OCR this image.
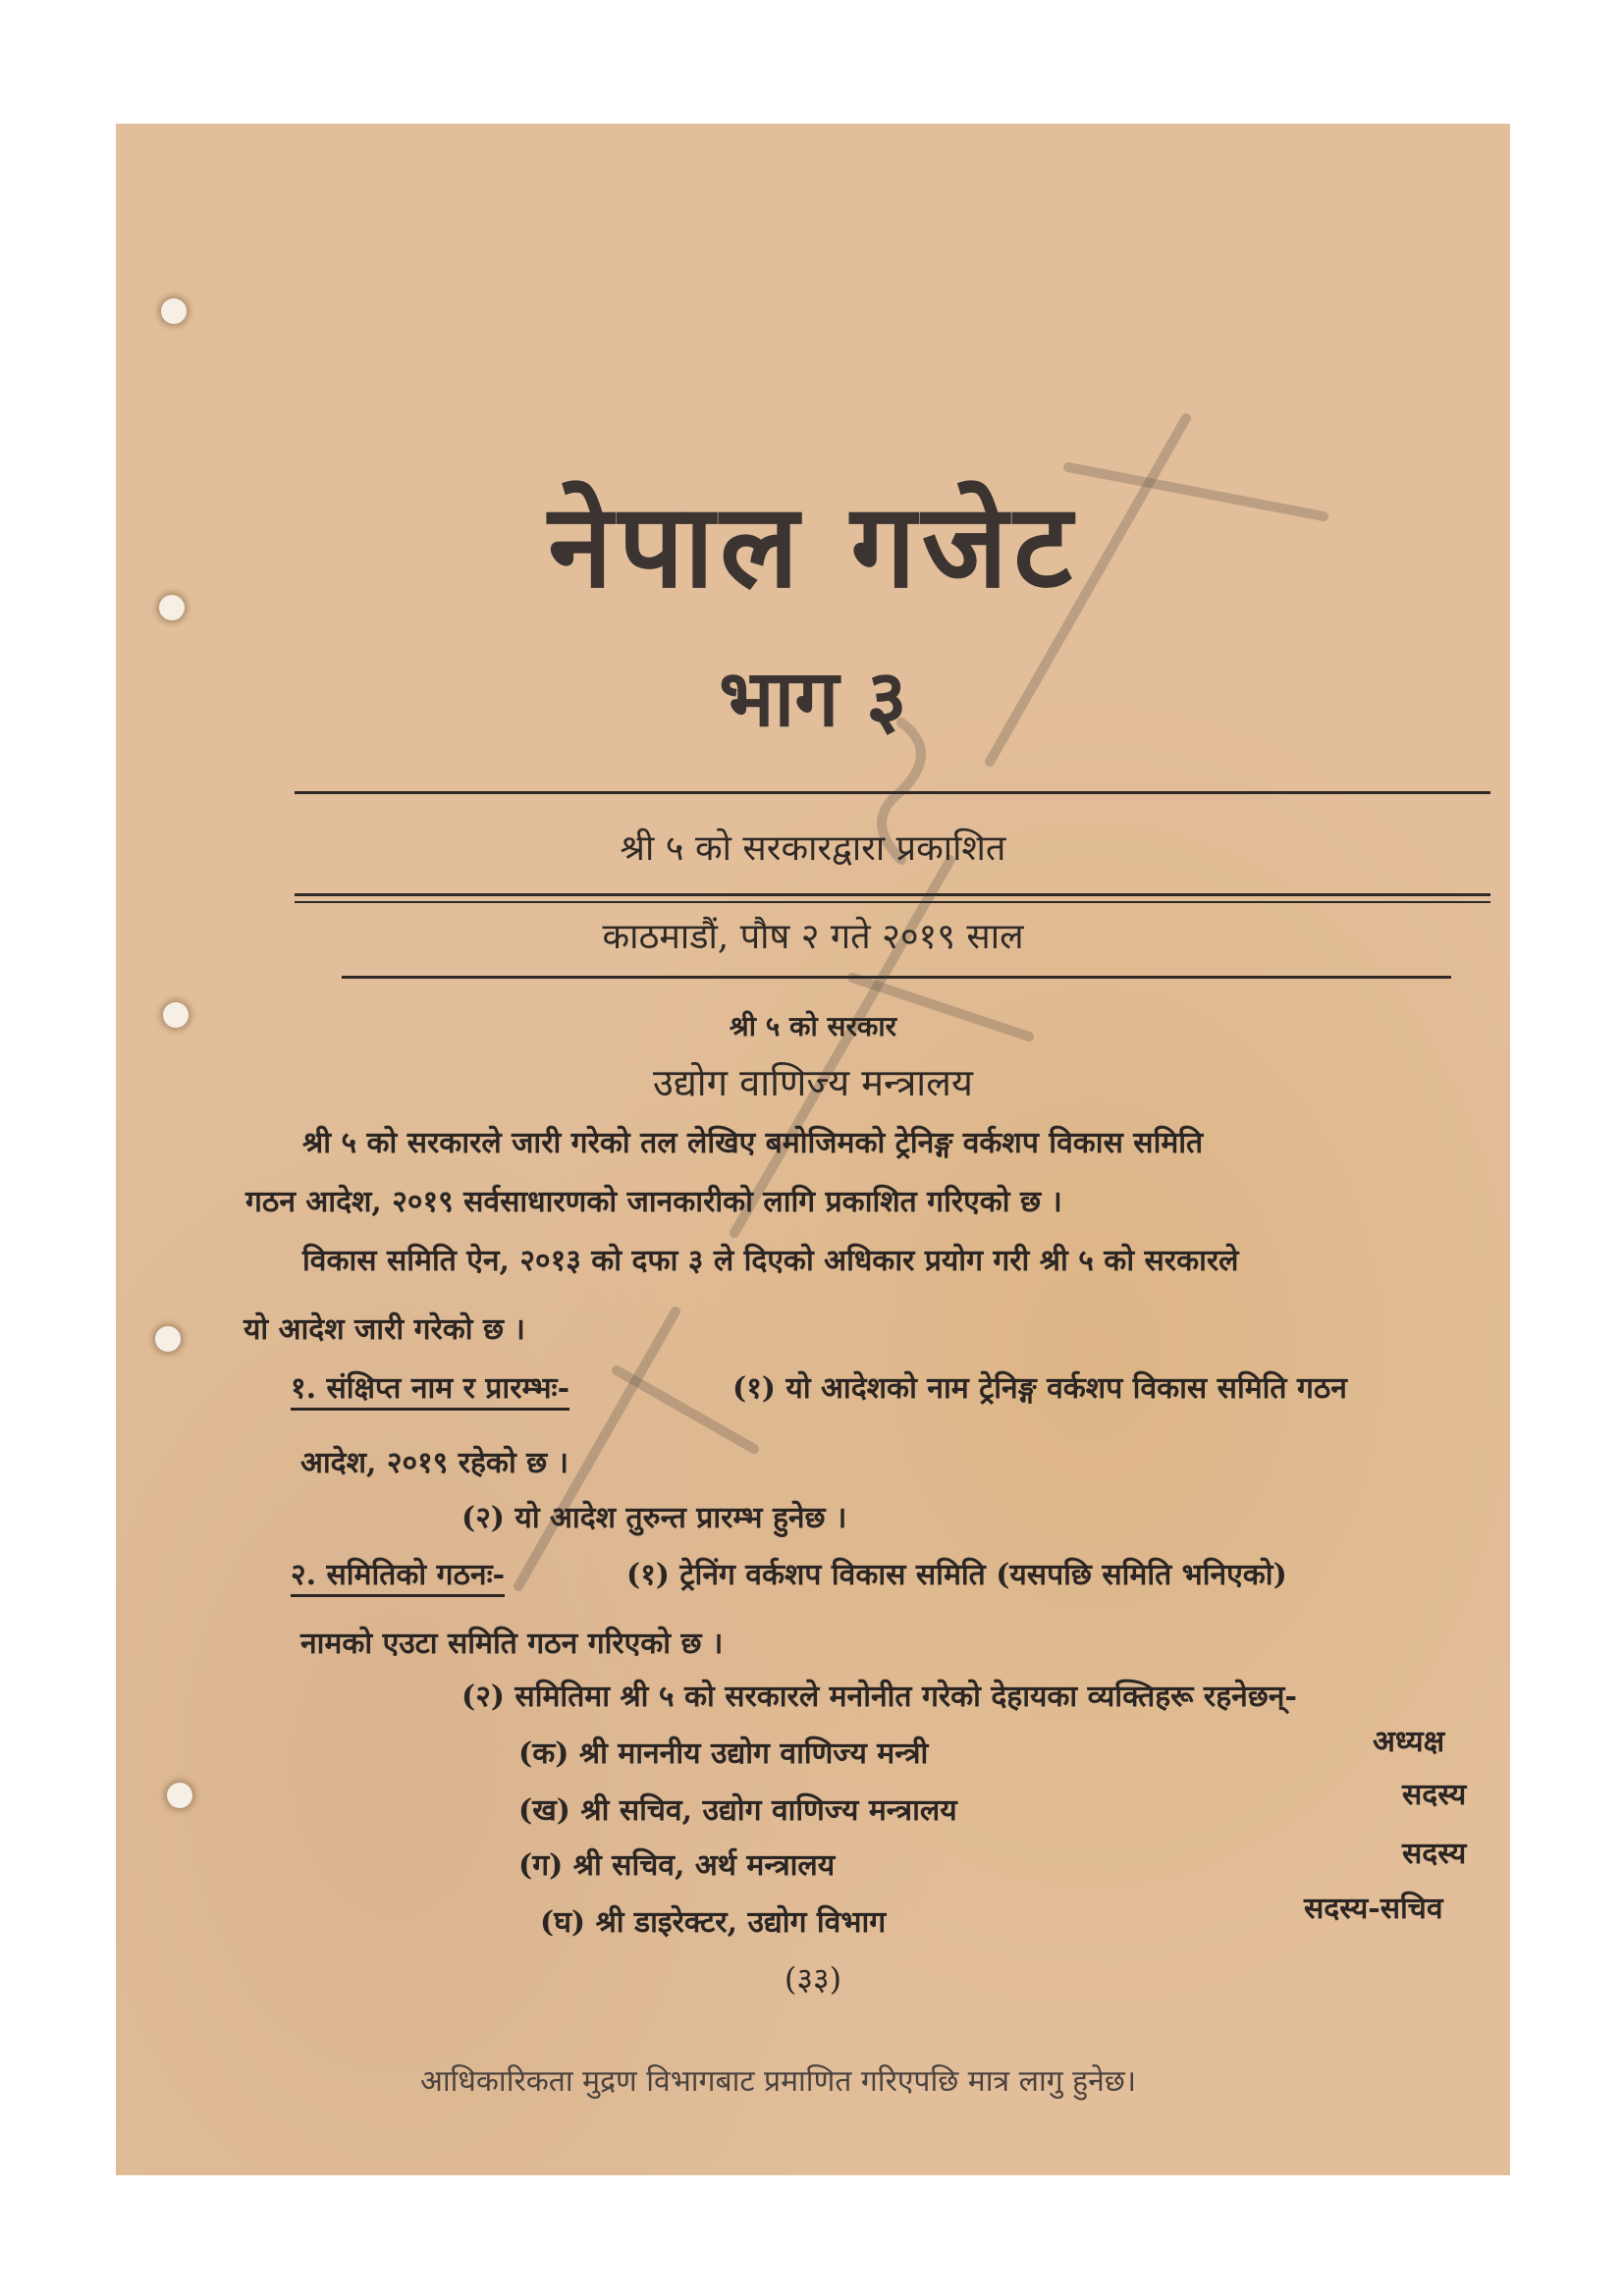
नेपाल गजेट
भाग ३
श्री ५ को सरकारद्वारा प्रकाशित
काठमाडौं, पौष २ गते २०१९ साल
श्री ५ को सरकार
उद्योग वाणिज्य मन्त्रालय
श्री ५ को सरकारले जारी गरेको तल लेखिए बमोजिमको ट्रेनिङ्ग वर्कशप विकास समिति
गठन आदेश, २०१९ सर्वसाधारणको जानकारीको लागि प्रकाशित गरिएको छ ।
विकास समिति ऐन, २०१३ को दफा ३ ले दिएको अधिकार प्रयोग गरी श्री ५ को सरकारले
यो आदेश जारी गरेको छ ।
१. संक्षिप्त नाम र प्रारम्भः-	(१) यो आदेशको नाम ट्रेनिङ्ग वर्कशप विकास समिति गठन
आदेश, २०१९ रहेको छ ।
(२) यो आदेश तुरुन्त प्रारम्भ हुनेछ ।
२. समितिको गठनः-	(१) ट्रेनिंग वर्कशप विकास समिति (यसपछि समिति भनिएको)
नामको एउटा समिति गठन गरिएको छ ।
(२) समितिमा श्री ५ को सरकारले मनोनीत गरेको देहायका व्यक्तिहरू रहनेछन्-
(क) श्री माननीय उद्योग वाणिज्य मन्त्री	अध्यक्ष
(ख) श्री सचिव, उद्योग वाणिज्य मन्त्रालय	सदस्य
(ग) श्री सचिव, अर्थ मन्त्रालय	सदस्य
(घ) श्री डाइरेक्टर, उद्योग विभाग	सदस्य-सचिव
(३३)
आधिकारिकता मुद्रण विभागबाट प्रमाणित गरिएपछि मात्र लागु हुनेछ।
